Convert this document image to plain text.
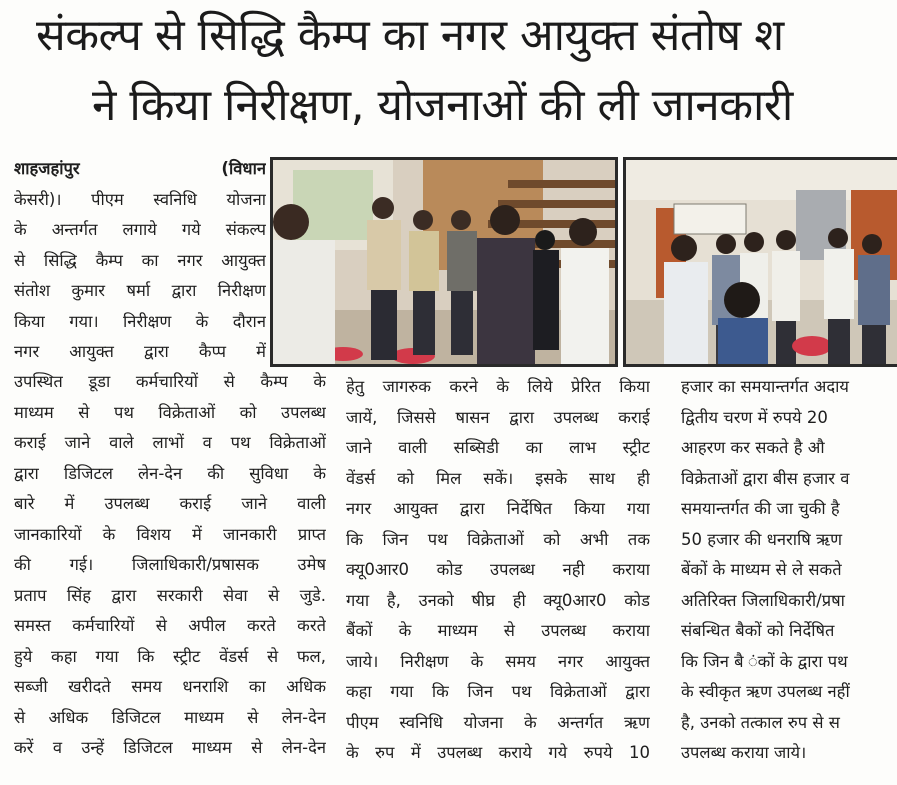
संकल्प से सिद्धि कैम्प का नगर आयुक्त संतोष श
ने किया निरीक्षण, योजनाओं की ली जानकारी
शाहजहांपुर (विधान
केसरी)। पीएम स्वनिधि योजना
के अन्तर्गत लगाये गये संकल्प
से सिद्धि कैम्प का नगर आयुक्त
संतोश कुमार षर्मा द्वारा निरीक्षण
किया गया। निरीक्षण के दौरान
नगर आयुक्त द्वारा कैप्प में
उपस्थित डूडा कर्मचारियों से कैम्प के
माध्यम से पथ विक्रेताओं को उपलब्ध
कराई जाने वाले लाभों व पथ विक्रेताओं
द्वारा डिजिटल लेन-देन की सुविधा के
बारे में उपलब्ध कराई जाने वाली
जानकारियों के विशय में जानकारी प्राप्त
की गई। जिलाधिकारी/प्रषासक उमेष
प्रताप सिंह द्वारा सरकारी सेवा से जुडे.
समस्त कर्मचारियों से अपील करते करते
हुये कहा गया कि स्ट्रीट वेंडर्स से फल,
सब्जी खरीदते समय धनराशि का अधिक
से अधिक डिजिटल माध्यम से लेन-देन
करें व उन्हें डिजिटल माध्यम से लेन-देन
हेतु जागरुक करने के लिये प्रेरित किया
जायें, जिससे षासन द्वारा उपलब्ध कराई
जाने वाली सब्सिडी का लाभ स्ट्रीट
वेंडर्स को मिल सकें। इसके साथ ही
नगर आयुक्त द्वारा निर्देषित किया गया
कि जिन पथ विक्रेताओं को अभी तक
क्यू0आर0 कोड उपलब्ध नही कराया
गया है, उनको षीघ्र ही क्यू0आर0 कोड
बैंकों के माध्यम से उपलब्ध कराया
जाये। निरीक्षण के समय नगर आयुक्त
कहा गया कि जिन पथ विक्रेताओं द्वारा
पीएम स्वनिधि योजना के अन्तर्गत ऋण
के रुप में उपलब्ध कराये गये रुपये 10
हजार का समयान्तर्गत अदाय
द्वितीय चरण में रुपये 20
आहरण कर सकते है औ
विक्रेताओं द्वारा बीस हजार व
समयान्तर्गत की जा चुकी है
50 हजार की धनराषि ऋण
बेंकों के माध्यम से ले सकते
अतिरिक्त जिलाधिकारी/प्रषा
संबन्धित बैकों को निर्देषित
कि जिन बै ंकों के द्वारा पथ
के स्वीकृत ऋण उपलब्ध नहीं
है, उनको तत्काल रुप से स
उपलब्ध कराया जाये।
